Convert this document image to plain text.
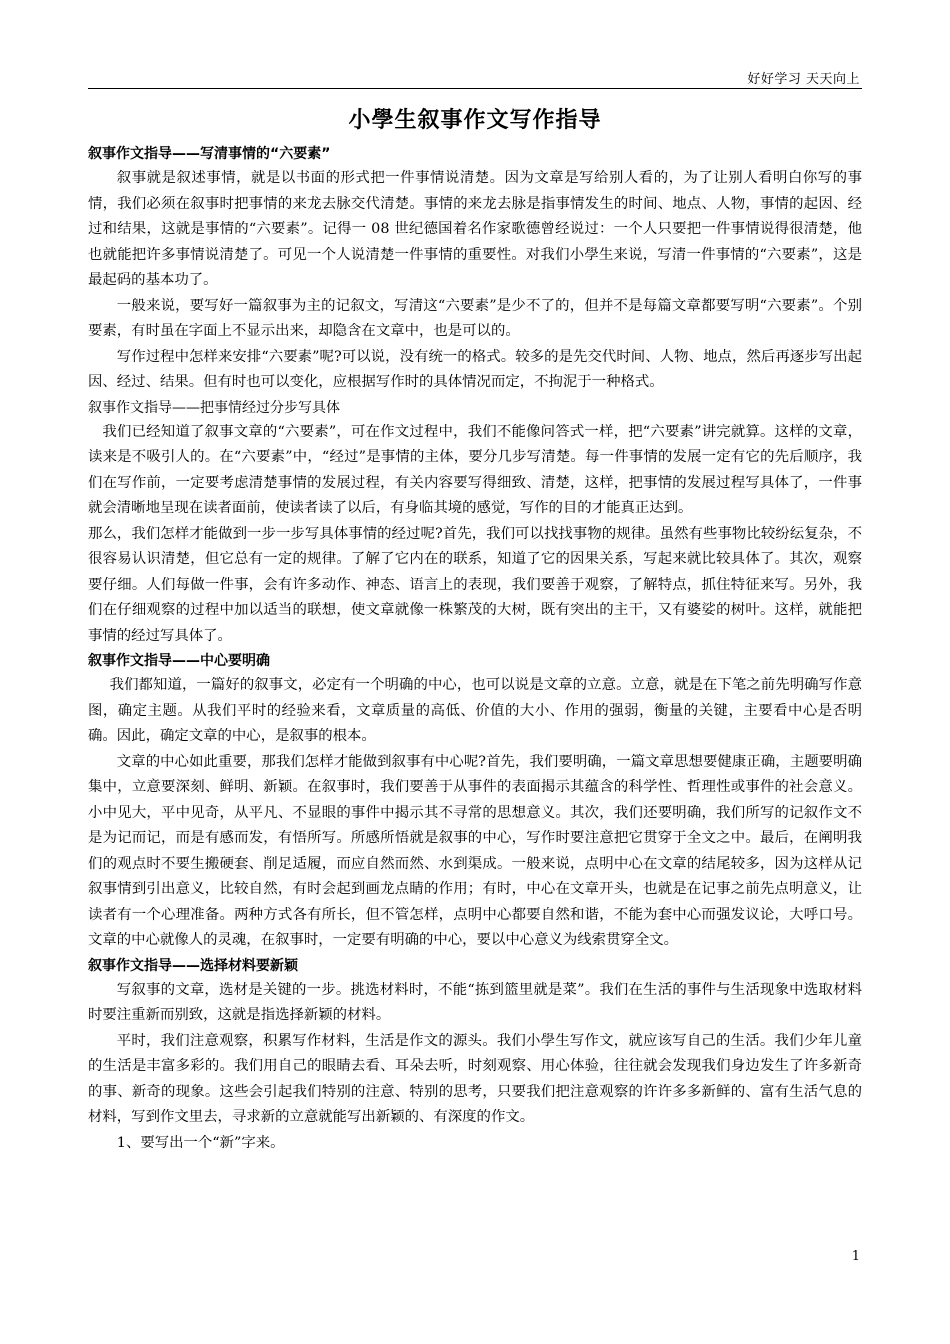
好好学习 天天向上
小學生叙事作文写作指导
叙事作文指导——写清事情的“六要素”

叙事就是叙述事情，就是以书面的形式把一件事情说清楚。因为文章是写给别人看的，为了让别人看明白你写的事情，我们必须在叙事时把事情的来龙去脉交代清楚。事情的来龙去脉是指事情发生的时间、地点、人物，事情的起因、经过和结果，这就是事情的“六要素”。记得一 08 世纪德国着名作家歌德曾经说过：一个人只要把一件事情说得很清楚，他也就能把许多事情说清楚了。可见一个人说清楚一件事情的重要性。对我们小學生来说，写清一件事情的“六要素”，这是最起码的基本功了。

一般来说，要写好一篇叙事为主的记叙文，写清这“六要素”是少不了的，但并不是每篇文章都要写明“六要素”。个别要素，有时虽在字面上不显示出来，却隐含在文章中，也是可以的。

写作过程中怎样来安排“六要素”呢?可以说，没有统一的格式。较多的是先交代时间、人物、地点，然后再逐步写出起因、经过、结果。但有时也可以变化，应根据写作时的具体情况而定，不拘泥于一种格式。

叙事作文指导——把事情经过分步写具体

我们已经知道了叙事文章的“六要素”，可在作文过程中，我们不能像问答式一样，把“六要素”讲完就算。这样的文章，读来是不吸引人的。在“六要素”中，“经过”是事情的主体，要分几步写清楚。每一件事情的发展一定有它的先后顺序，我们在写作前，一定要考虑清楚事情的发展过程，有关内容要写得细致、清楚，这样，把事情的发展过程写具体了，一件事就会清晰地呈现在读者面前，使读者读了以后，有身临其境的感觉，写作的目的才能真正达到。

那么，我们怎样才能做到一步一步写具体事情的经过呢?首先，我们可以找找事物的规律。虽然有些事物比较纷纭复杂，不很容易认识清楚，但它总有一定的规律。了解了它内在的联系，知道了它的因果关系，写起来就比较具体了。其次，观察要仔细。人们每做一件事，会有许多动作、神态、语言上的表现，我们要善于观察，了解特点，抓住特征来写。另外，我们在仔细观察的过程中加以适当的联想，使文章就像一株繁茂的大树，既有突出的主干，又有婆娑的树叶。这样，就能把事情的经过写具体了。

叙事作文指导——中心要明确

我们都知道，一篇好的叙事文，必定有一个明确的中心，也可以说是文章的立意。立意，就是在下笔之前先明确写作意图，确定主题。从我们平时的经验来看，文章质量的高低、价值的大小、作用的强弱，衡量的关键，主要看中心是否明确。因此，确定文章的中心，是叙事的根本。

文章的中心如此重要，那我们怎样才能做到叙事有中心呢?首先，我们要明确，一篇文章思想要健康正确，主题要明确集中，立意要深刻、鲜明、新颖。在叙事时，我们要善于从事件的表面揭示其蕴含的科学性、哲理性或事件的社会意义。小中见大，平中见奇，从平凡、不显眼的事件中揭示其不寻常的思想意义。其次，我们还要明确，我们所写的记叙作文不是为记而记，而是有感而发，有悟所写。所感所悟就是叙事的中心，写作时要注意把它贯穿于全文之中。最后，在阐明我们的观点时不要生搬硬套、削足适履，而应自然而然、水到渠成。一般来说，点明中心在文章的结尾较多，因为这样从记叙事情到引出意义，比较自然，有时会起到画龙点睛的作用；有时，中心在文章开头，也就是在记事之前先点明意义，让读者有一个心理准备。两种方式各有所长，但不管怎样，点明中心都要自然和谐，不能为套中心而强发议论，大呼口号。文章的中心就像人的灵魂，在叙事时，一定要有明确的中心，要以中心意义为线索贯穿全文。

叙事作文指导——选择材料要新颖

写叙事的文章，选材是关键的一步。挑选材料时，不能“拣到篮里就是菜”。我们在生活的事件与生活现象中选取材料时要注重新而别致，这就是指选择新颖的材料。

平时，我们注意观察，积累写作材料，生活是作文的源头。我们小學生写作文，就应该写自己的生活。我们少年儿童的生活是丰富多彩的。我们用自己的眼睛去看、耳朵去听，时刻观察、用心体验，往往就会发现我们身边发生了许多新奇的事、新奇的现象。这些会引起我们特别的注意、特别的思考，只要我们把注意观察的许许多多新鲜的、富有生活气息的材料，写到作文里去，寻求新的立意就能写出新颖的、有深度的作文。

1、要写出一个“新”字来。

1
